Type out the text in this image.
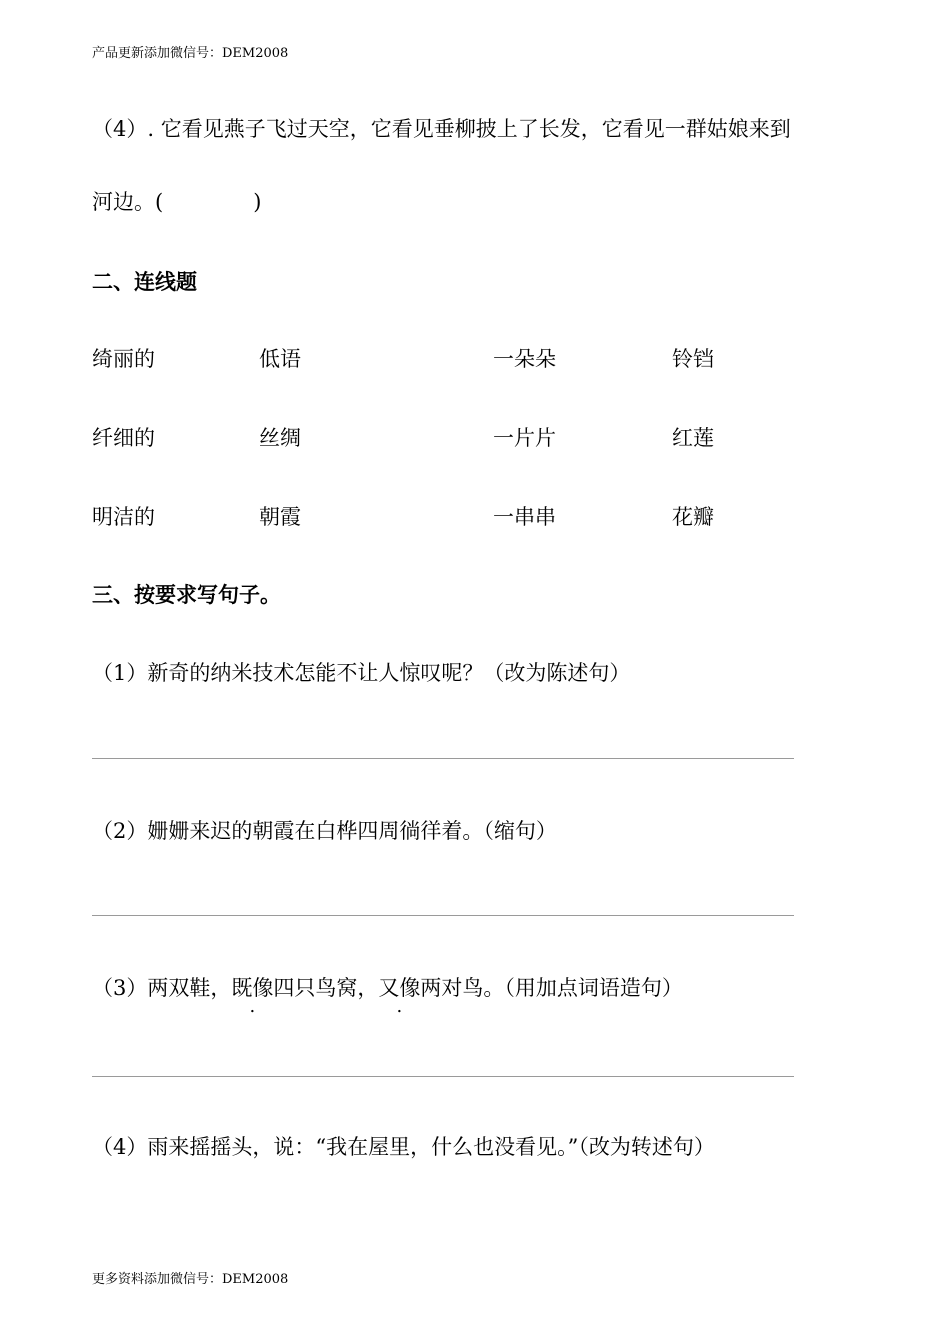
产品更新添加微信号：DEM2008
（4）. 它看见燕子飞过天空，它看见垂柳披上了长发，它看见一群姑娘来到
河边。(	)
二、连线题
绮丽的	低语	一朵朵	铃铛
纤细的	丝绸	一片片	红莲
明洁的	朝霞	一串串	花瓣
三、按要求写句子。
（1）新奇的纳米技术怎能不让人惊叹呢？（改为陈述句）
（2）姗姗来迟的朝霞在白桦四周徜徉着。（缩句）
（3）两双鞋，既像四只鸟窝，又像两对鸟。（用加点词语造句）
（4）雨来摇摇头，说：“我在屋里，什么也没看见。”（改为转述句）
更多资料添加微信号：DEM2008
